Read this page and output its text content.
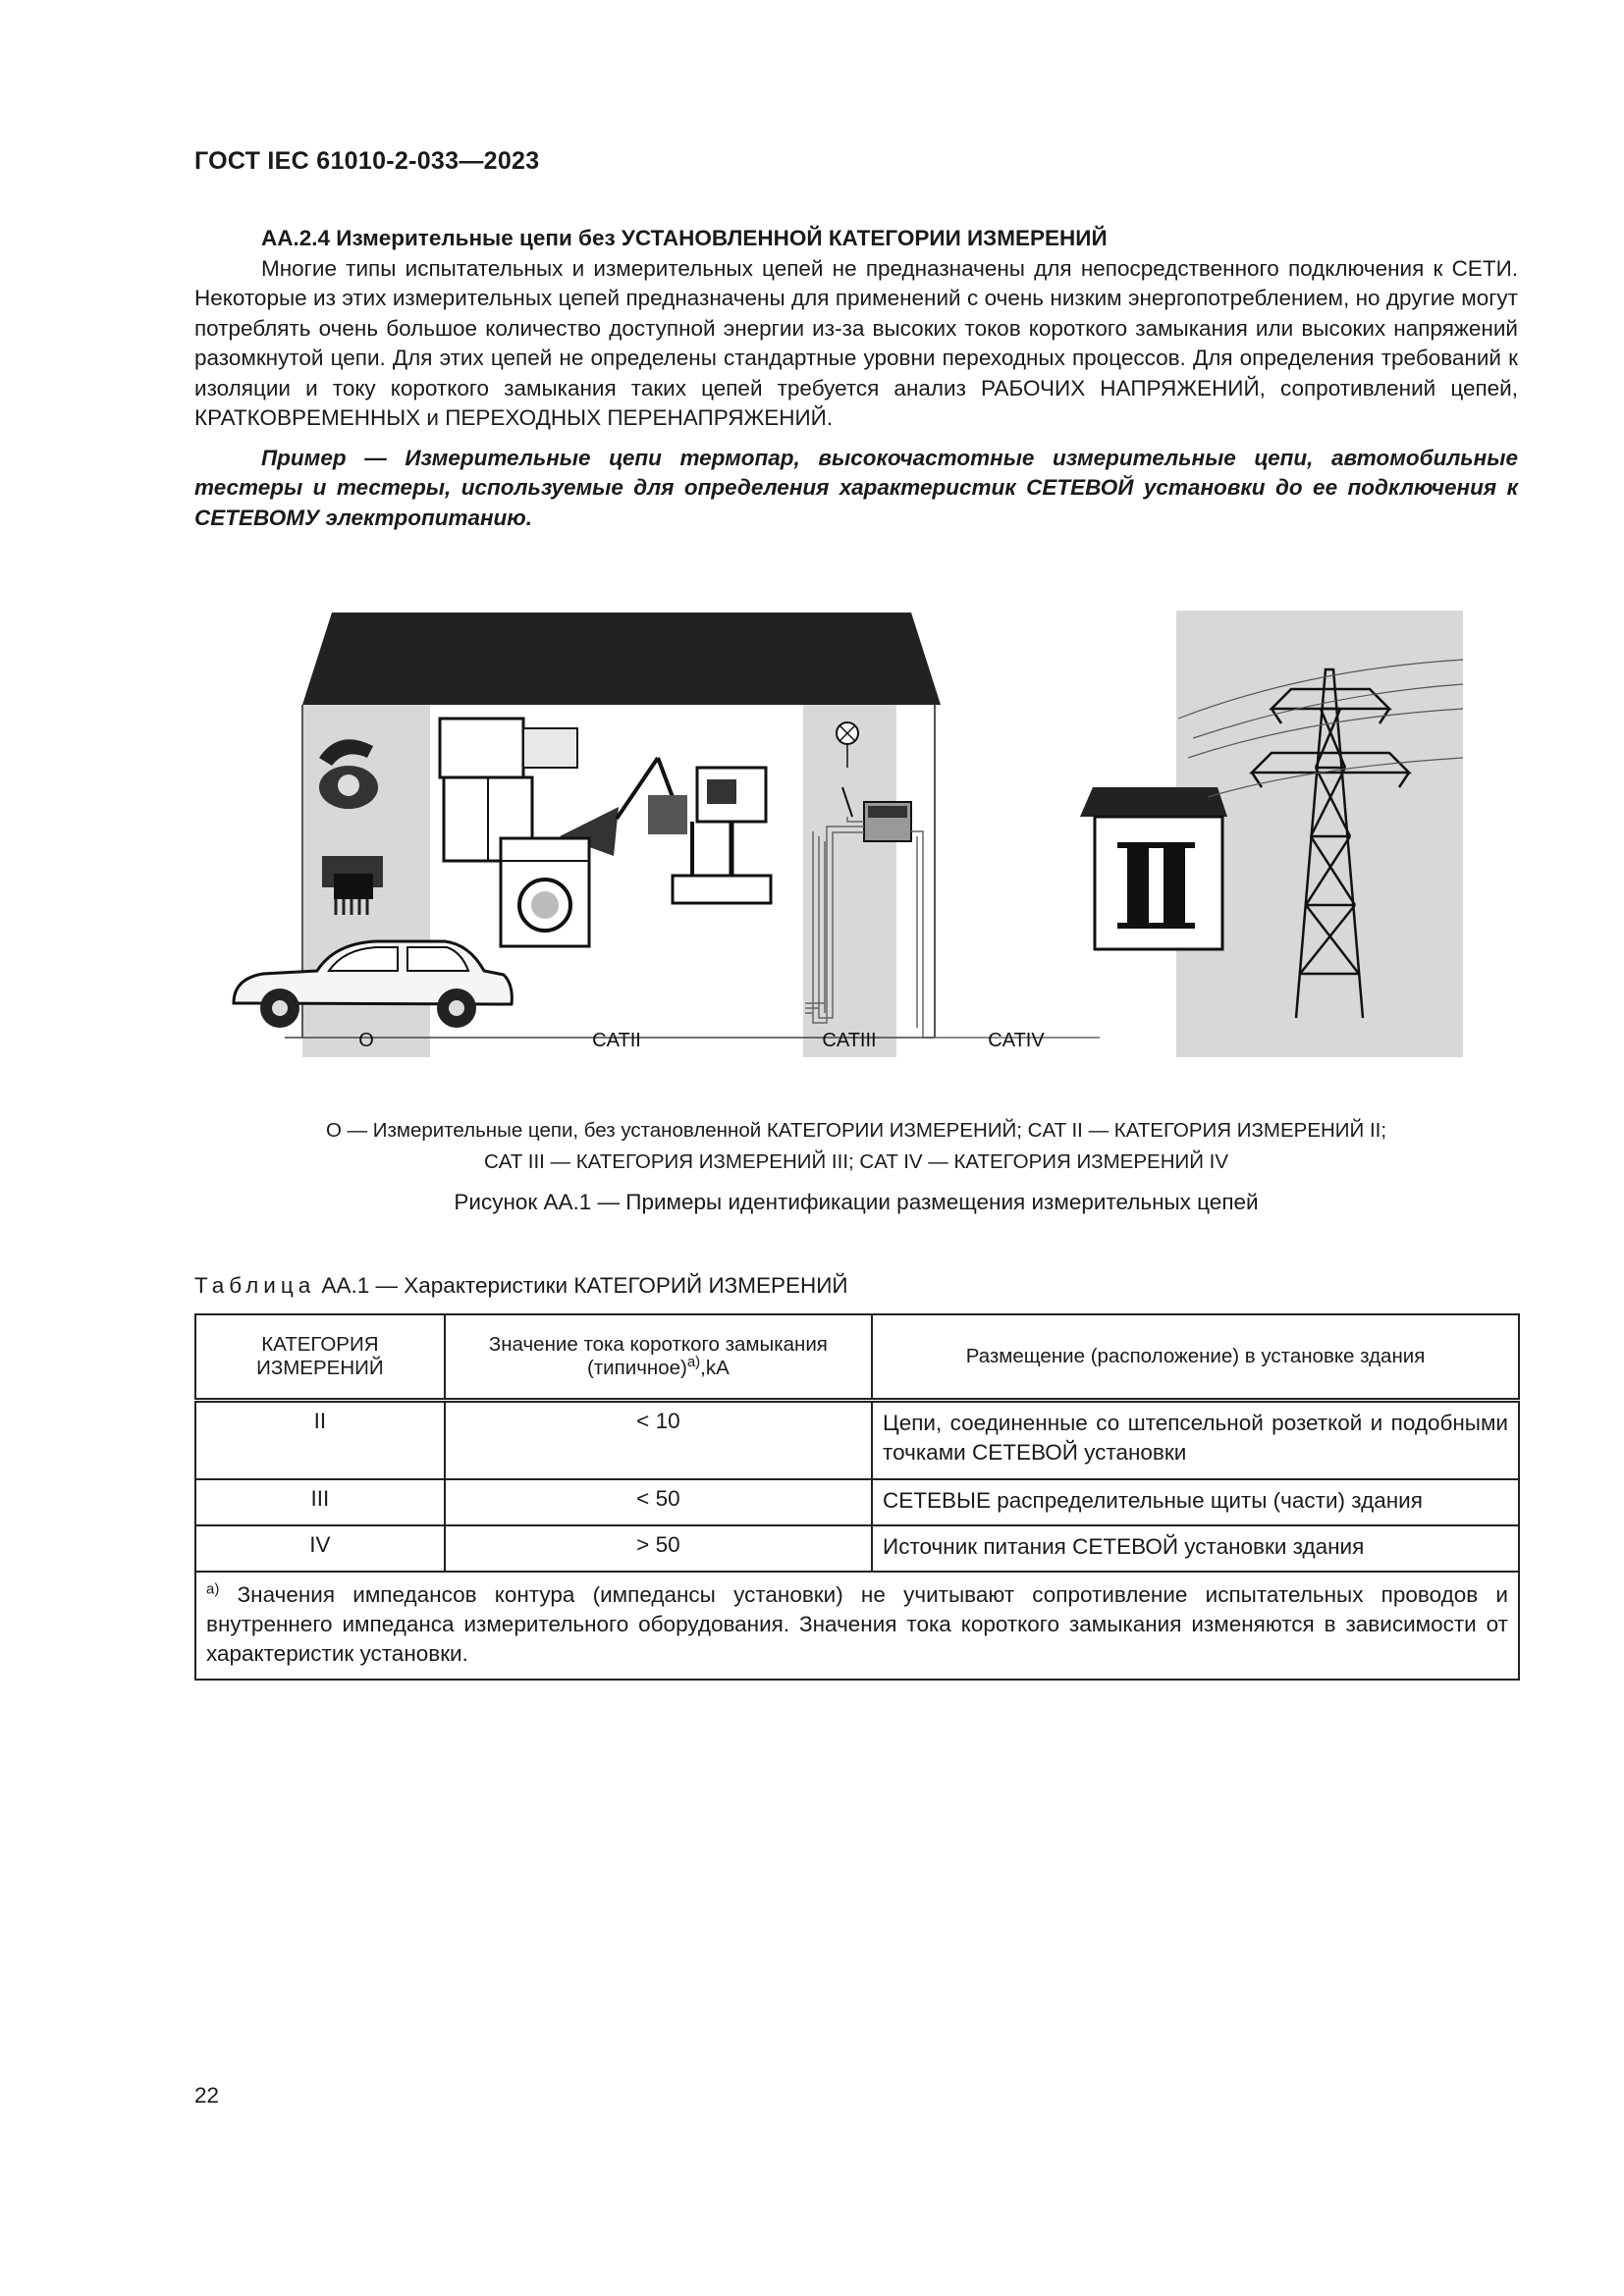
ГОСТ IEC 61010-2-033—2023
АА.2.4 Измерительные цепи без УСТАНОВЛЕННОЙ КАТЕГОРИИ ИЗМЕРЕНИЙ
Многие типы испытательных и измерительных цепей не предназначены для непосредственного подключения к СЕТИ. Некоторые из этих измерительных цепей предназначены для применений с очень низким энергопотреблением, но другие могут потреблять очень большое количество доступной энергии из-за высоких токов короткого замыкания или высоких напряжений разомкнутой цепи. Для этих цепей не определены стандартные уровни переходных процессов. Для определения требований к изоляции и току короткого замыкания таких цепей требуется анализ РАБОЧИХ НАПРЯЖЕНИЙ, сопротивлений цепей, КРАТКОВРЕМЕННЫХ и ПЕРЕХОДНЫХ ПЕРЕНАПРЯЖЕНИЙ.
Пример — Измерительные цепи термопар, высокочастотные измерительные цепи, автомобильные тестеры и тестеры, используемые для определения характеристик СЕТЕВОЙ установки до ее подключения к СЕТЕВОМУ электропитанию.
O	CATII	CATIII	CATIV
O — Измерительные цепи, без установленной КАТЕГОРИИ ИЗМЕРЕНИЙ; CAT II — КАТЕГОРИЯ ИЗМЕРЕНИЙ II;
CAT III — КАТЕГОРИЯ ИЗМЕРЕНИЙ III; CAT IV — КАТЕГОРИЯ ИЗМЕРЕНИЙ IV
Рисунок АА.1 — Примеры идентификации размещения измерительных цепей
Таблица АА.1 — Характеристики КАТЕГОРИЙ ИЗМЕРЕНИЙ
КАТЕГОРИЯ ИЗМЕРЕНИЙ	Значение тока короткого замыкания (типичное)$^{а)}$,kA	Размещение (расположение) в установке здания
II	< 10	Цепи, соединенные со штепсельной розеткой и подобными точками СЕТЕВОЙ установки
III	< 50	СЕТЕВЫЕ распределительные щиты (части) здания
IV	> 50	Источник питания СЕТЕВОЙ установки здания
$^{а)}$ Значения импедансов контура (импедансы установки) не учитывают сопротивление испытательных проводов и внутреннего импеданса измерительного оборудования. Значения тока короткого замыкания изменяются в зависимости от характеристик установки.		
22
